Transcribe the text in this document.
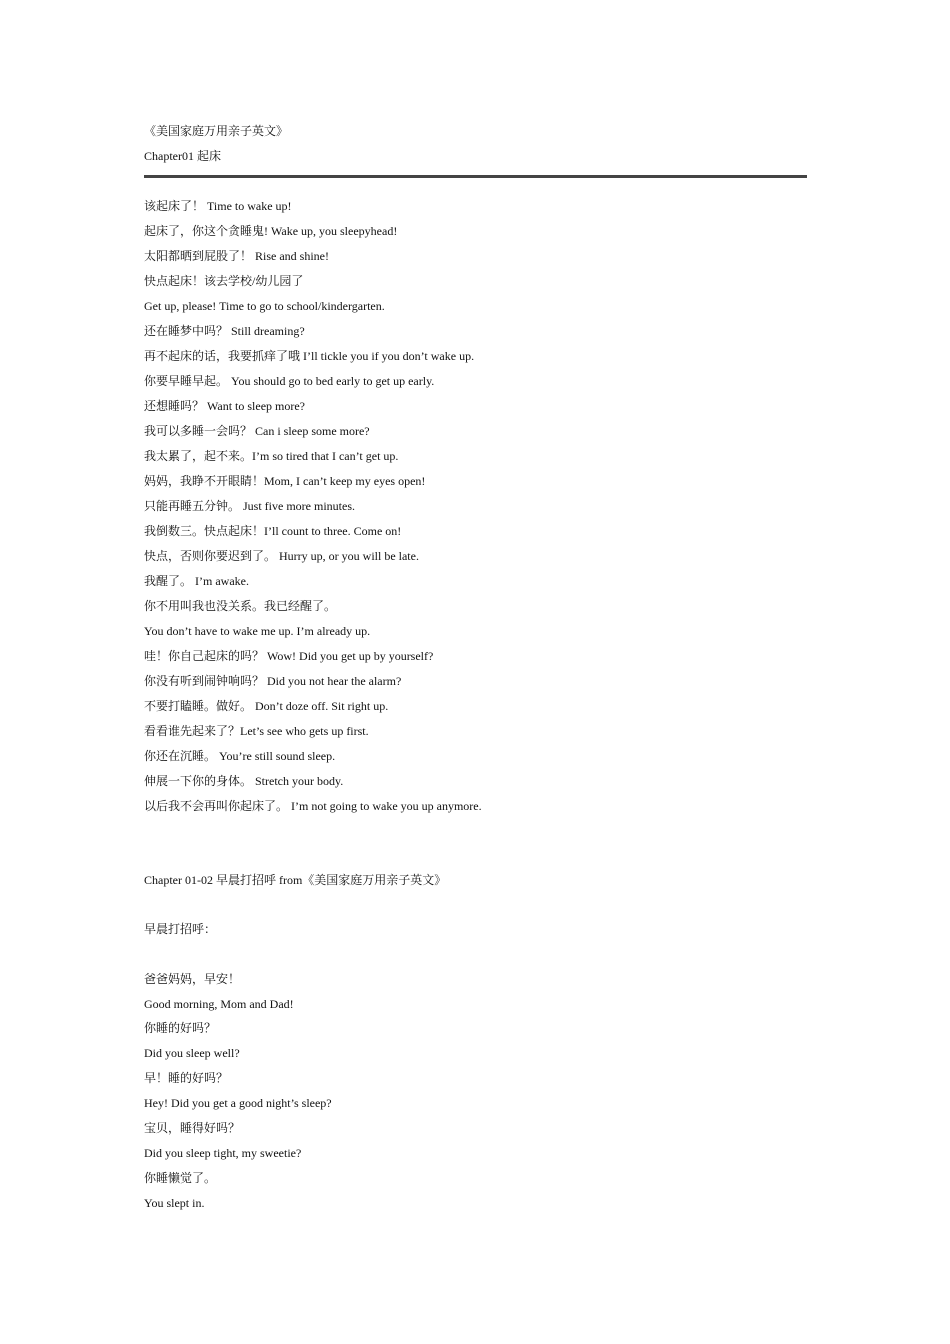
《美国家庭万用亲子英文》
Chapter01 起床
该起床了！ Time to wake up!
起床了，你这个贪睡鬼! Wake up, you sleepyhead!
太阳都晒到屁股了！ Rise and shine!
快点起床！该去学校/幼儿园了
Get up, please! Time to go to school/kindergarten.
还在睡梦中吗？ Still dreaming?
再不起床的话，我要抓痒了哦 I’ll tickle you if you don’t wake up.
你要早睡早起。 You should go to bed early to get up early.
还想睡吗？ Want to sleep more?
我可以多睡一会吗？ Can i sleep some more?
我太累了，起不来。I’m so tired that I can’t get up.
妈妈，我睁不开眼睛！Mom, I can’t keep my eyes open!
只能再睡五分钟。 Just five more minutes.
我倒数三。快点起床！I’ll count to three. Come on!
快点，否则你要迟到了。 Hurry up, or you will be late.
我醒了。 I’m awake.
你不用叫我也没关系。我已经醒了。
You don’t have to wake me up. I’m already up.
哇！你自己起床的吗？ Wow! Did you get up by yourself?
你没有听到闹钟响吗？ Did you not hear the alarm?
不要打瞌睡。做好。 Don’t doze off. Sit right up.
看看谁先起来了？Let’s see who gets up first.
你还在沉睡。 You’re still sound sleep.
伸展一下你的身体。 Stretch your body.
以后我不会再叫你起床了。 I’m not going to wake you up anymore.
Chapter 01-02 早晨打招呼 from《美国家庭万用亲子英文》
早晨打招呼：
爸爸妈妈，早安！
Good morning, Mom and Dad!
你睡的好吗？
Did you sleep well?
早！睡的好吗？
Hey! Did you get a good night’s sleep?
宝贝，睡得好吗？
Did you sleep tight, my sweetie?
你睡懒觉了。
You slept in.
